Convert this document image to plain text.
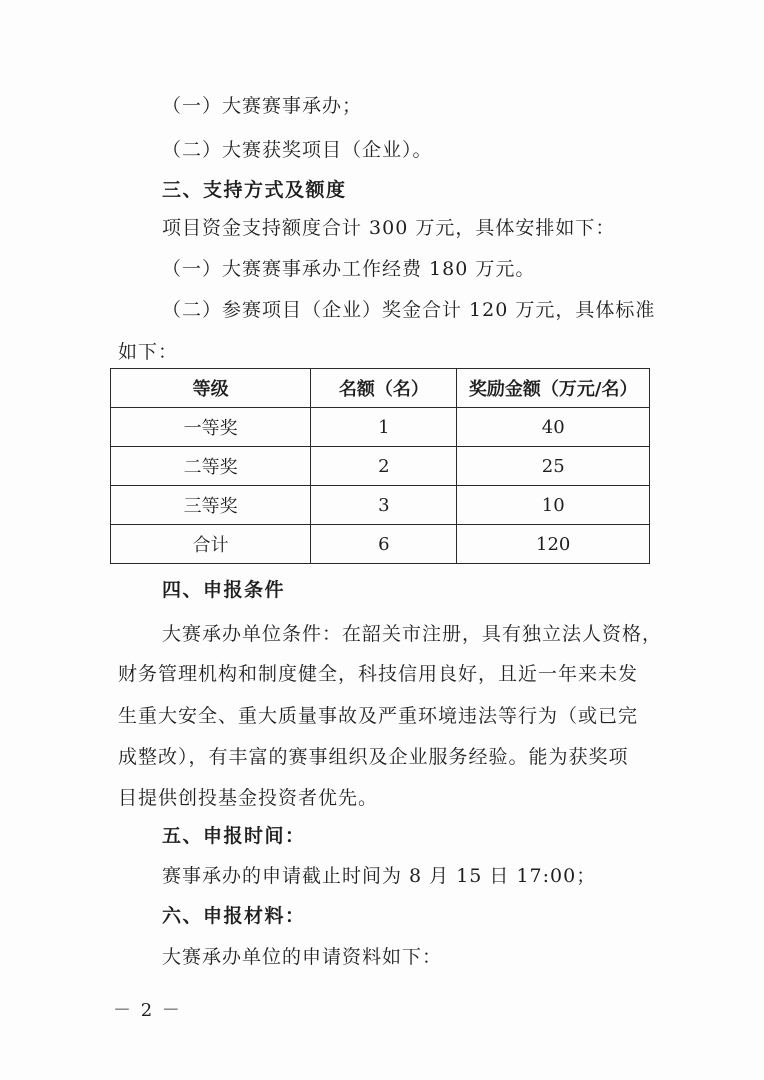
（一）大赛赛事承办；
（二）大赛获奖项目（企业）。
三、支持方式及额度
项目资金支持额度合计 300 万元，具体安排如下：
（一）大赛赛事承办工作经费 180 万元。
（二）参赛项目（企业）奖金合计 120 万元，具体标准
如下：
等级	名额（名）	奖励金额（万元/名）
一等奖	1	40
二等奖	2	25
三等奖	3	10
合计	6	120
四、申报条件
大赛承办单位条件：在韶关市注册，具有独立法人资格，
财务管理机构和制度健全，科技信用良好，且近一年来未发
生重大安全、重大质量事故及严重环境违法等行为（或已完
成整改），有丰富的赛事组织及企业服务经验。能为获奖项
目提供创投基金投资者优先。
五、申报时间：
赛事承办的申请截止时间为 8 月 15 日 17:00；
六、申报材料：
大赛承办单位的申请资料如下：
－ 2 －
